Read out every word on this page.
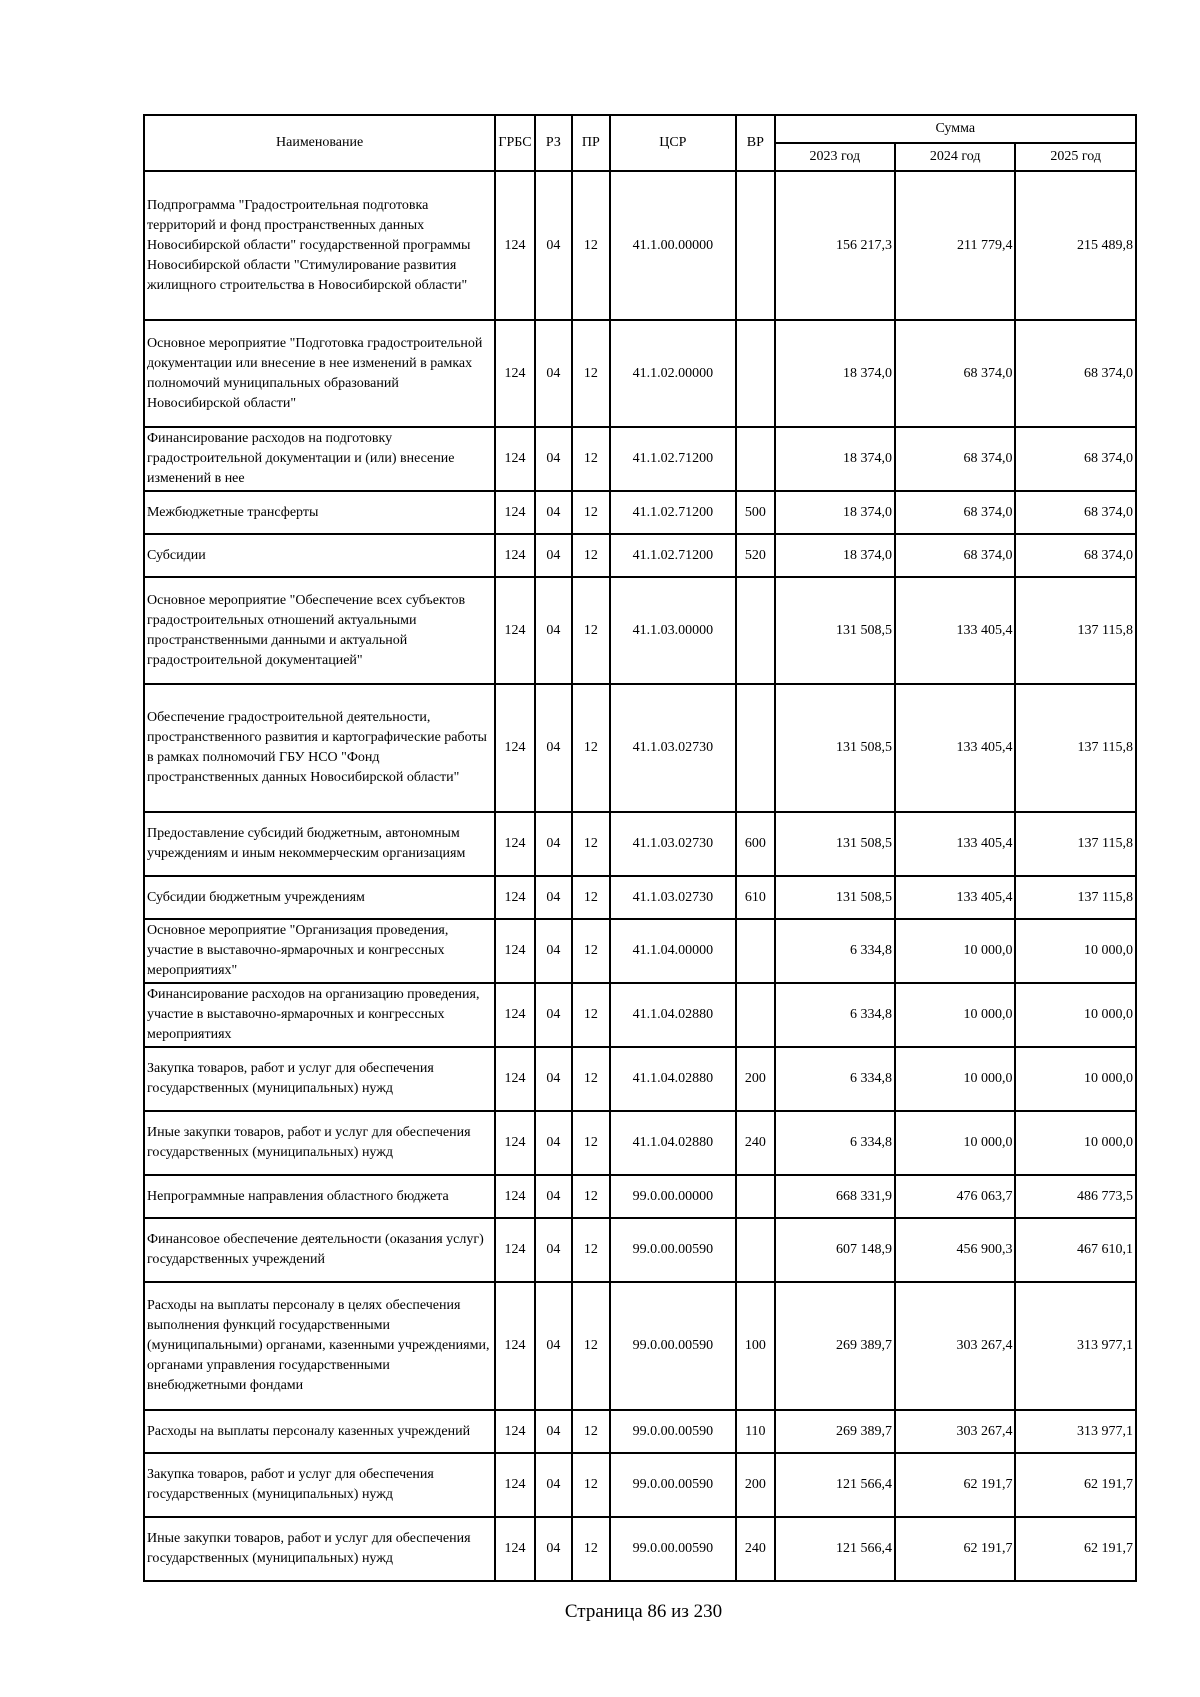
Наименование	ГРБС	РЗ	ПР	ЦСР	ВР	Сумма		
						2023 год	2024 год	2025 год
Подпрограмма "Градостроительная подготовка территорий и фонд пространственных данных Новосибирской области" государственной программы Новосибирской области "Стимулирование развития жилищного строительства в Новосибирской области"	124	04	12	41.1.00.00000		156 217,3	211 779,4	215 489,8
Основное мероприятие "Подготовка градостроительной документации или внесение в нее изменений в рамках полномочий муниципальных образований Новосибирской области"	124	04	12	41.1.02.00000		18 374,0	68 374,0	68 374,0
Финансирование расходов на подготовку градостроительной документации и (или) внесение изменений в нее	124	04	12	41.1.02.71200		18 374,0	68 374,0	68 374,0
Межбюджетные трансферты	124	04	12	41.1.02.71200	500	18 374,0	68 374,0	68 374,0
Субсидии	124	04	12	41.1.02.71200	520	18 374,0	68 374,0	68 374,0
Основное мероприятие "Обеспечение всех субъектов градостроительных отношений актуальными пространственными данными и актуальной градостроительной документацией"	124	04	12	41.1.03.00000		131 508,5	133 405,4	137 115,8
Обеспечение градостроительной деятельности, пространственного развития и картографические работы в рамках полномочий ГБУ НСО "Фонд пространственных данных Новосибирской области"	124	04	12	41.1.03.02730		131 508,5	133 405,4	137 115,8
Предоставление субсидий бюджетным, автономным учреждениям и иным некоммерческим организациям	124	04	12	41.1.03.02730	600	131 508,5	133 405,4	137 115,8
Субсидии бюджетным учреждениям	124	04	12	41.1.03.02730	610	131 508,5	133 405,4	137 115,8
Основное мероприятие "Организация проведения, участие в выставочно-ярмарочных и конгрессных мероприятиях"	124	04	12	41.1.04.00000		6 334,8	10 000,0	10 000,0
Финансирование расходов на организацию проведения, участие в выставочно-ярмарочных и конгрессных мероприятиях	124	04	12	41.1.04.02880		6 334,8	10 000,0	10 000,0
Закупка товаров, работ и услуг для обеспечения государственных (муниципальных) нужд	124	04	12	41.1.04.02880	200	6 334,8	10 000,0	10 000,0
Иные закупки товаров, работ и услуг для обеспечения государственных (муниципальных) нужд	124	04	12	41.1.04.02880	240	6 334,8	10 000,0	10 000,0
Непрограммные направления областного бюджета	124	04	12	99.0.00.00000		668 331,9	476 063,7	486 773,5
Финансовое обеспечение деятельности (оказания услуг) государственных учреждений	124	04	12	99.0.00.00590		607 148,9	456 900,3	467 610,1
Расходы на выплаты персоналу в целях обеспечения выполнения функций государственными (муниципальными) органами, казенными учреждениями, органами управления государственными внебюджетными фондами	124	04	12	99.0.00.00590	100	269 389,7	303 267,4	313 977,1
Расходы на выплаты персоналу казенных учреждений	124	04	12	99.0.00.00590	110	269 389,7	303 267,4	313 977,1
Закупка товаров, работ и услуг для обеспечения государственных (муниципальных) нужд	124	04	12	99.0.00.00590	200	121 566,4	62 191,7	62 191,7
Иные закупки товаров, работ и услуг для обеспечения государственных (муниципальных) нужд	124	04	12	99.0.00.00590	240	121 566,4	62 191,7	62 191,7
Страница 86 из 230
